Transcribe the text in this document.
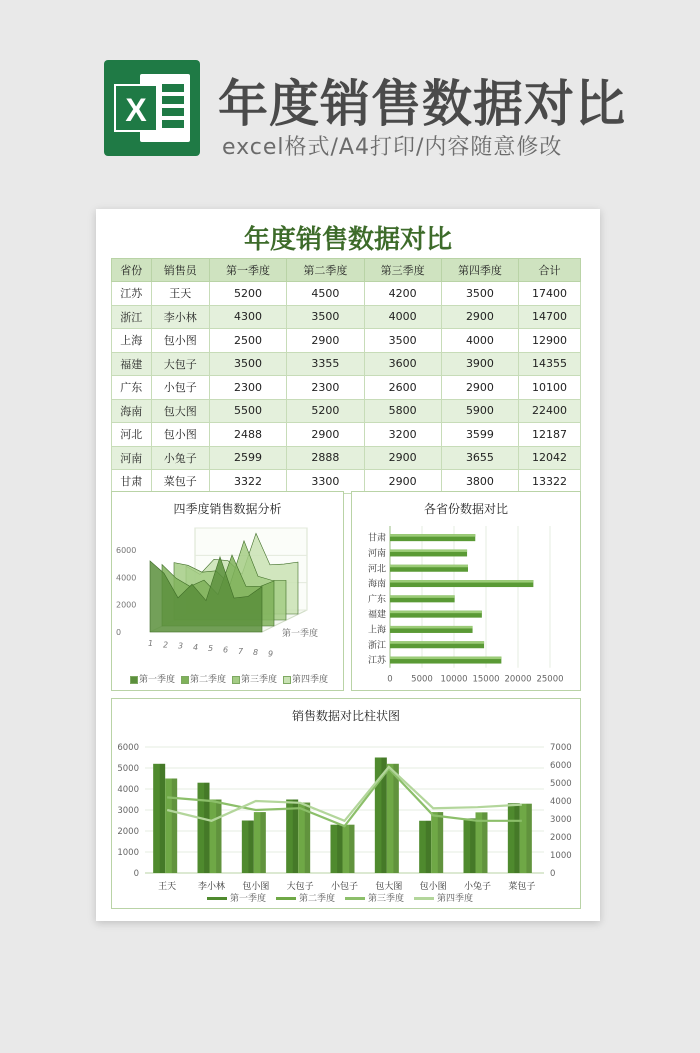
X 年度销售数据对比
excel格式/A4打印/内容随意修改
年度销售数据对比
省份	销售员	第一季度	第二季度	第三季度	第四季度	合计
江苏	王天	5200	4500	4200	3500	17400
浙江	李小林	4300	3500	4000	2900	14700
上海	包小图	2500	2900	3500	4000	12900
福建	大包子	3500	3355	3600	3900	14355
广东	小包子	2300	2300	2600	2900	10100
海南	包大图	5500	5200	5800	5900	22400
河北	包小图	2488	2900	3200	3599	12187
河南	小兔子	2599	2888	2900	3655	12042
甘肃	菜包子	3322	3300	2900	3800	13322
四季度销售数据分析
0
2000
4000
6000
1 2 3 4 5 6 7 8 9
第一季度
第一季度 第二季度 第三季度 第四季度
各省份数据对比
0 5000 10000 15000 20000 25000
甘肃
河南
河北
海南
广东
福建
上海
浙江
江苏
销售数据对比柱状图
0
1000
2000
3000
4000
5000
6000
0
1000
2000
3000
4000
5000
6000
7000
王天 李小林 包小图 大包子 小包子 包大图 包小图 小兔子 菜包子
第一季度	第二季度	第三季度	第四季度
